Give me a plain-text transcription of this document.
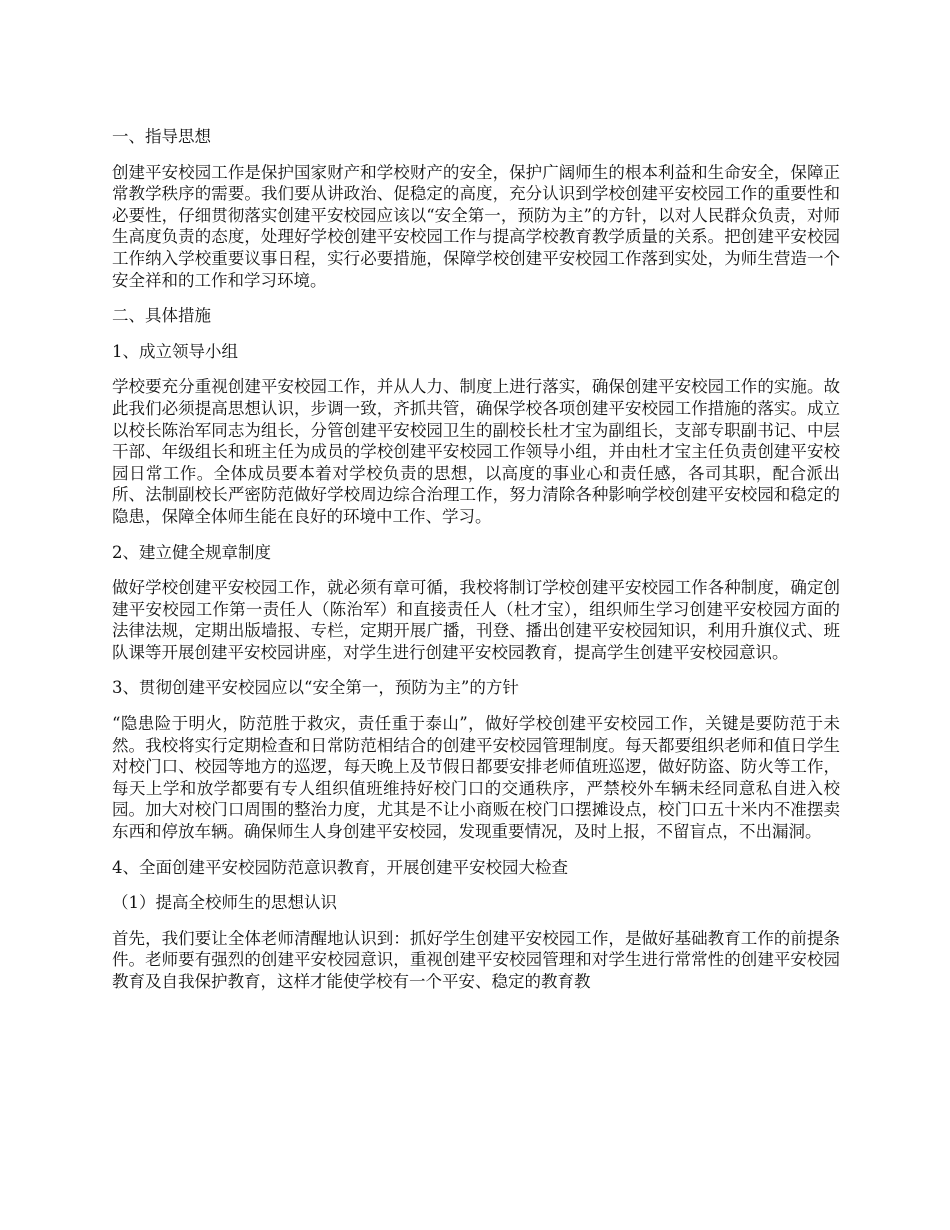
一、指导思想

创建平安校园工作是保护国家财产和学校财产的安全，保护广阔师生的根本利益和生命安全，保障正常教学秩序的需要。我们要从讲政治、促稳定的高度，充分认识到学校创建平安校园工作的重要性和必要性，仔细贯彻落实创建平安校园应该以“安全第一，预防为主”的方针，以对人民群众负责，对师生高度负责的态度，处理好学校创建平安校园工作与提高学校教育教学质量的关系。把创建平安校园工作纳入学校重要议事日程，实行必要措施，保障学校创建平安校园工作落到实处，为师生营造一个安全祥和的工作和学习环境。

二、具体措施

1、成立领导小组

学校要充分重视创建平安校园工作，并从人力、制度上进行落实，确保创建平安校园工作的实施。故此我们必须提高思想认识，步调一致，齐抓共管，确保学校各项创建平安校园工作措施的落实。成立以校长陈治军同志为组长，分管创建平安校园卫生的副校长杜才宝为副组长，支部专职副书记、中层干部、年级组长和班主任为成员的学校创建平安校园工作领导小组，并由杜才宝主任负责创建平安校园日常工作。全体成员要本着对学校负责的思想，以高度的事业心和责任感，各司其职，配合派出所、法制副校长严密防范做好学校周边综合治理工作，努力清除各种影响学校创建平安校园和稳定的隐患，保障全体师生能在良好的环境中工作、学习。

2、建立健全规章制度

做好学校创建平安校园工作，就必须有章可循，我校将制订学校创建平安校园工作各种制度，确定创建平安校园工作第一责任人（陈治军）和直接责任人（杜才宝），组织师生学习创建平安校园方面的法律法规，定期出版墙报、专栏，定期开展广播，刊登、播出创建平安校园知识，利用升旗仪式、班队课等开展创建平安校园讲座，对学生进行创建平安校园教育，提高学生创建平安校园意识。

3、贯彻创建平安校园应以“安全第一，预防为主”的方针

“隐患险于明火，防范胜于救灾，责任重于泰山”，做好学校创建平安校园工作，关键是要防范于未然。我校将实行定期检查和日常防范相结合的创建平安校园管理制度。每天都要组织老师和值日学生对校门口、校园等地方的巡逻，每天晚上及节假日都要安排老师值班巡逻，做好防盗、防火等工作，每天上学和放学都要有专人组织值班维持好校门口的交通秩序，严禁校外车辆未经同意私自进入校园。加大对校门口周围的整治力度，尤其是不让小商贩在校门口摆摊设点，校门口五十米内不准摆卖东西和停放车辆。确保师生人身创建平安校园，发现重要情况，及时上报，不留盲点，不出漏洞。

4、全面创建平安校园防范意识教育，开展创建平安校园大检查

（1）提高全校师生的思想认识

首先，我们要让全体老师清醒地认识到：抓好学生创建平安校园工作，是做好基础教育工作的前提条件。老师要有强烈的创建平安校园意识，重视创建平安校园管理和对学生进行常常性的创建平安校园教育及自我保护教育，这样才能使学校有一个平安、稳定的教育教
